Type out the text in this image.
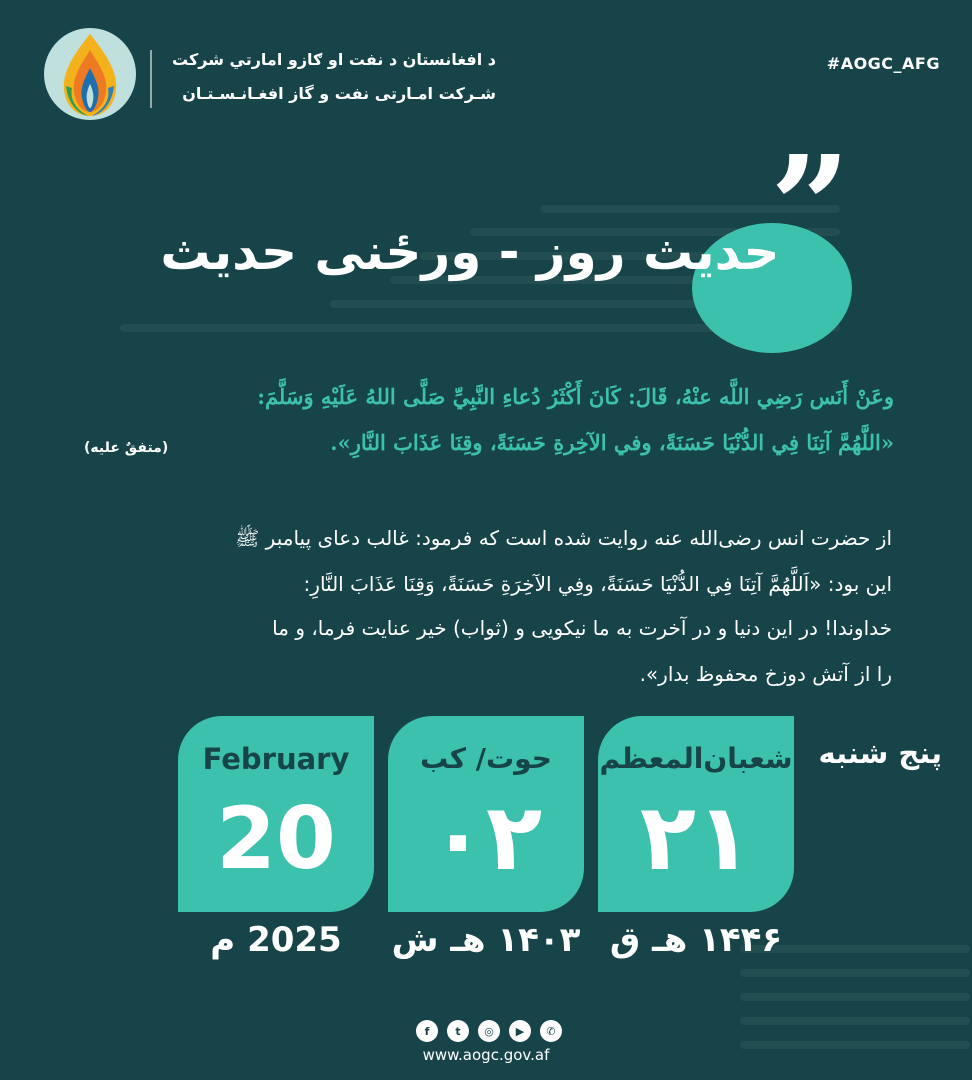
د افغانستان د نفت او ګازو امارتي شرکت
شـرکت امـارتی نفت و گاز افغـانـسـتـان
#AOGC_AFG
”
حدیث روز - ورځنی حدیث
وعَنْ أَنَس رَضِي اللَّه عنْهُ، قَالَ: كَانَ أَكْثَرُ دُعاءِ النَّبِيِّ صَلَّى اللهُ عَلَيْهِ وَسَلَّمَ:
«اللَّهُمَّ آتِنَا فِي الدُّنْيَا حَسَنَةً، وفي الآخِرةِ حَسَنَةً، وقِنَا عَذَابَ النَّارِ».
(متفقٌ علیه)
از حضرت انس رضی‌الله عنه روایت شده است که فرمود: غالب دعای پیامبر ﷺ
این بود: «اَللَّهُمَّ آتِنَا فِي الدُّنْيَا حَسَنَةً، وفِي الآخِرَةِ حَسَنَةً، وَقِنَا عَذَابَ النَّارِ:
خداوندا! در این دنیا و در آخرت به ما نیکویی و (ثواب) خیر عنایت فرما، و ما
را از آتش دوزخ محفوظ بدار».
February
20
حوت/ کب
۰۲
شعبان‌المعظم
۲۱
2025 م	۱۴۰۳ هـ ش ۱۴۴۶ هـ ق
پنج شنبه
f	t	◎	▶	✆
www.aogc.gov.af
